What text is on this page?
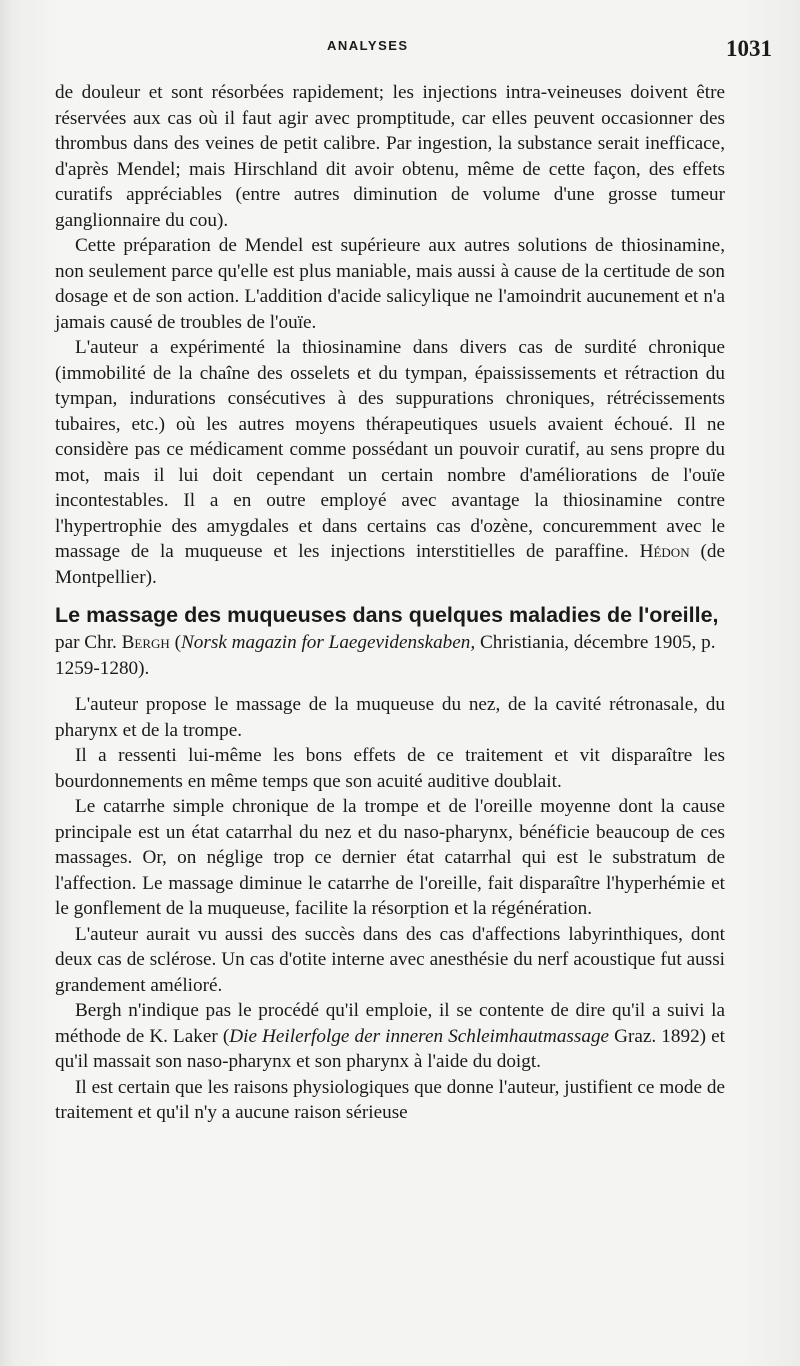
ANALYSES	1031

de douleur et sont résorbées rapidement; les injections intra-veineuses doivent être réservées aux cas où il faut agir avec promptitude, car elles peuvent occasionner des thrombus dans des veines de petit calibre. Par ingestion, la substance serait inefficace, d'après Mendel; mais Hirschland dit avoir obtenu, même de cette façon, des effets curatifs appréciables (entre autres diminution de volume d'une grosse tumeur ganglionnaire du cou).

Cette préparation de Mendel est supérieure aux autres solutions de thiosinamine, non seulement parce qu'elle est plus maniable, mais aussi à cause de la certitude de son dosage et de son action. L'addition d'acide salicylique ne l'amoindrit aucunement et n'a jamais causé de troubles de l'ouïe.

L'auteur a expérimenté la thiosinamine dans divers cas de surdité chronique (immobilité de la chaîne des osselets et du tympan, épaississements et rétraction du tympan, indurations consécutives à des suppurations chroniques, rétrécissements tubaires, etc.) où les autres moyens thérapeutiques usuels avaient échoué. Il ne considère pas ce médicament comme possédant un pouvoir curatif, au sens propre du mot, mais il lui doit cependant un certain nombre d'améliorations de l'ouïe incontestables. Il a en outre employé avec avantage la thiosinamine contre l'hypertrophie des amygdales et dans certains cas d'ozène, concuremment avec le massage de la muqueuse et les injections interstitielles de paraffine. Hédon (de Montpellier).

Le massage des muqueuses dans quelques maladies de l'oreille, par Chr. Bergh (Norsk magazin for Laegevidenskaben, Christiania, décembre 1905, p. 1259-1280).

L'auteur propose le massage de la muqueuse du nez, de la cavité rétronasale, du pharynx et de la trompe.

Il a ressenti lui-même les bons effets de ce traitement et vit disparaître les bourdonnements en même temps que son acuité auditive doublait.

Le catarrhe simple chronique de la trompe et de l'oreille moyenne dont la cause principale est un état catarrhal du nez et du naso-pharynx, bénéficie beaucoup de ces massages. Or, on néglige trop ce dernier état catarrhal qui est le substratum de l'affection. Le massage diminue le catarrhe de l'oreille, fait disparaître l'hyperhémie et le gonflement de la muqueuse, facilite la résorption et la régénération.

L'auteur aurait vu aussi des succès dans des cas d'affections labyrinthiques, dont deux cas de sclérose. Un cas d'otite interne avec anesthésie du nerf acoustique fut aussi grandement amélioré.

Bergh n'indique pas le procédé qu'il emploie, il se contente de dire qu'il a suivi la méthode de K. Laker (Die Heilerfolge der inneren Schleimhautmassage Graz. 1892) et qu'il massait son naso-pharynx et son pharynx à l'aide du doigt.

Il est certain que les raisons physiologiques que donne l'auteur, justifient ce mode de traitement et qu'il n'y a aucune raison sérieuse
